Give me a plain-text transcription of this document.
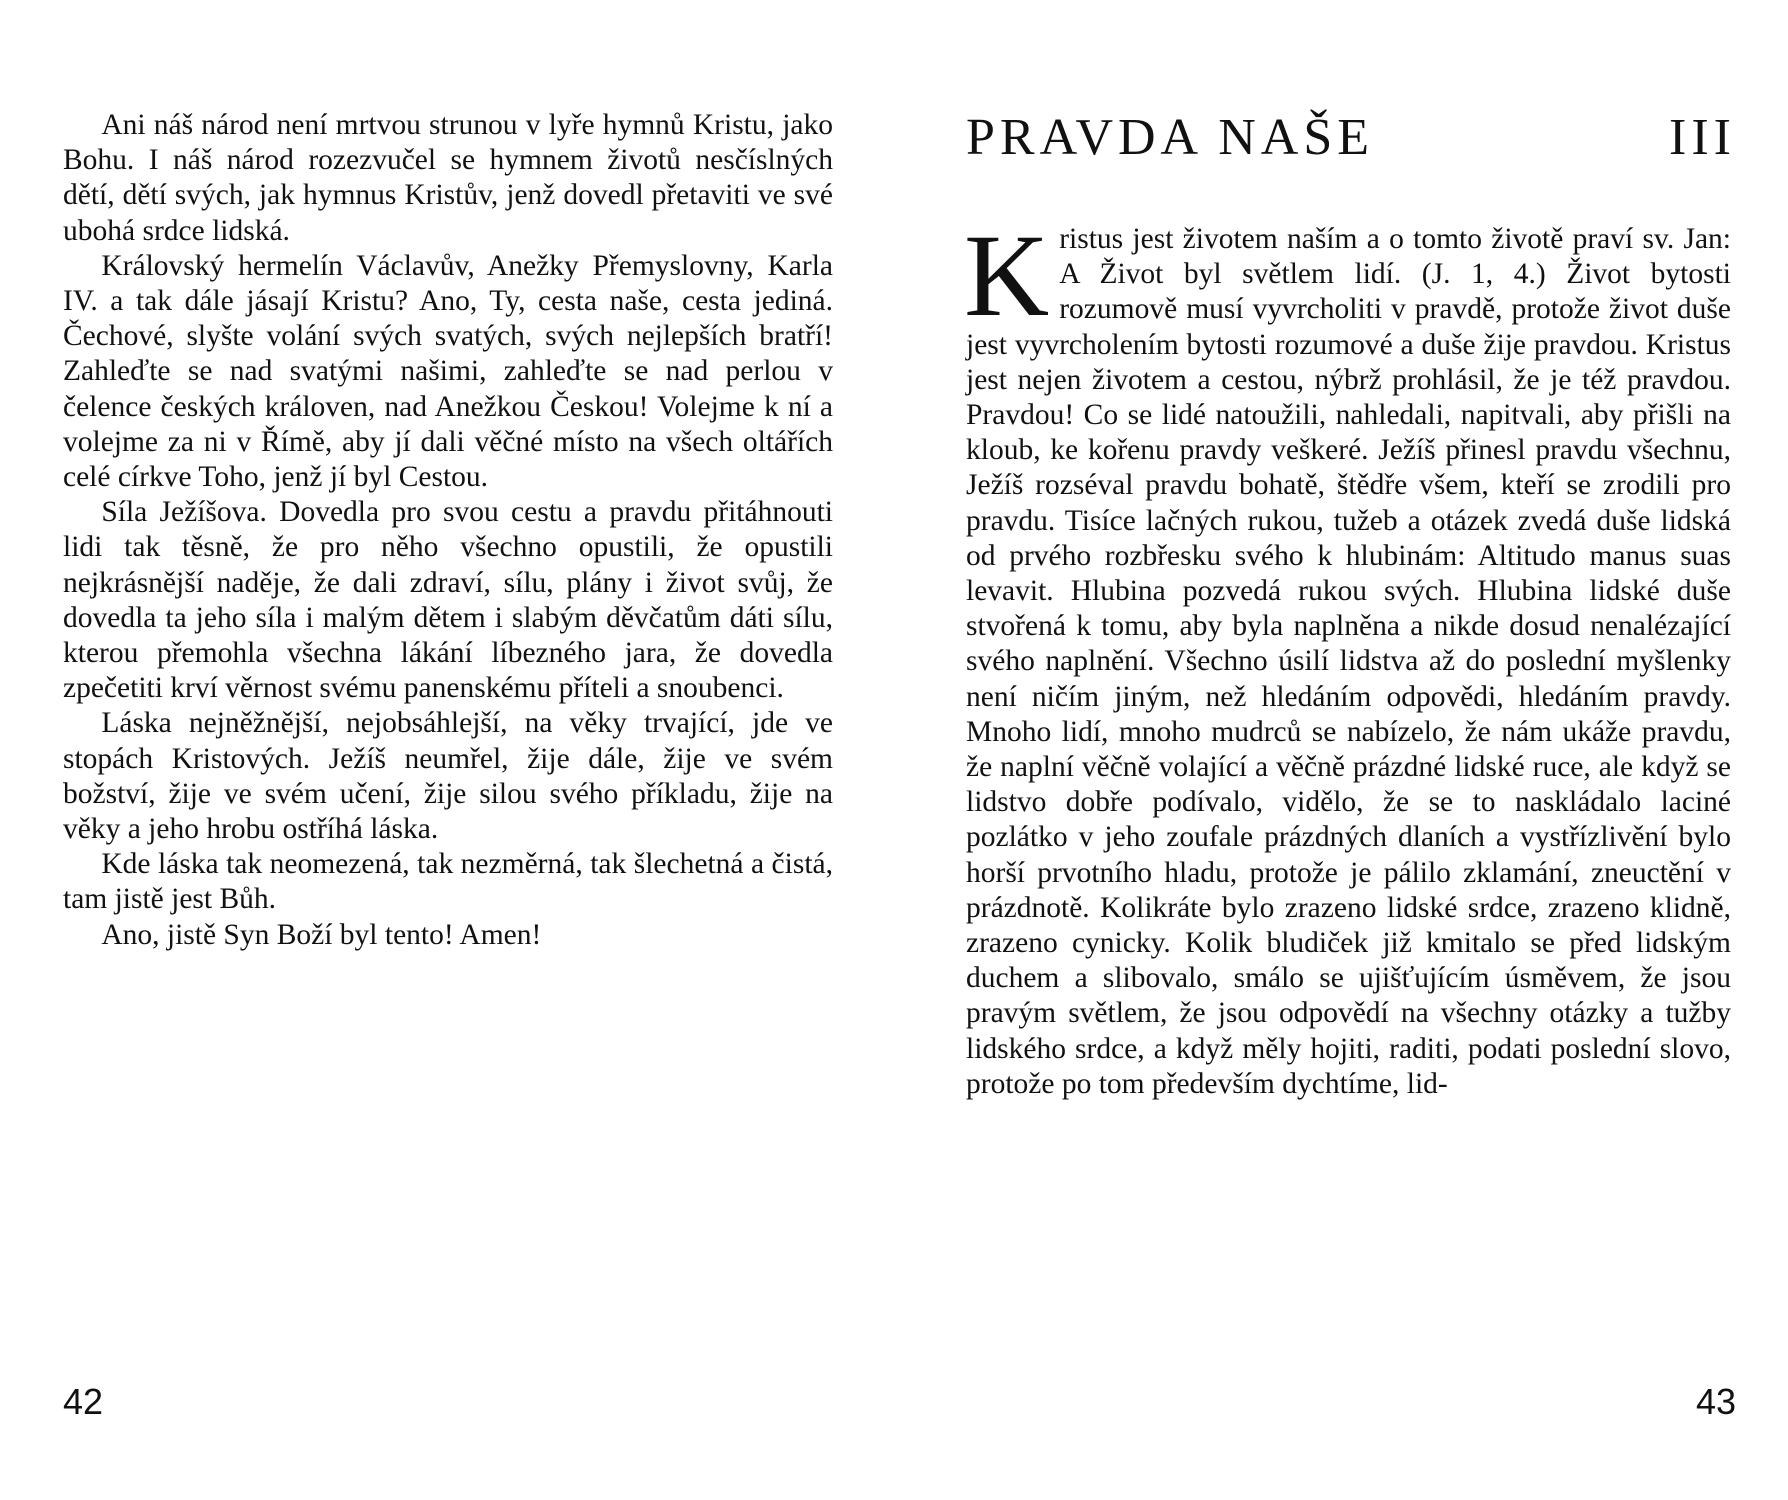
Ani náš národ není mrtvou strunou v lyře hymnů Kristu, jako Bohu. I náš národ rozezvučel se hymnem životů nesčíslných dětí, dětí svých, jak hymnus Kristův, jenž dovedl přetaviti ve své ubohá srdce lidská.

Královský hermelín Václavův, Anežky Přemyslovny, Karla IV. a tak dále jásají Kristu? Ano, Ty, cesta naše, cesta jediná. Čechové, slyšte volání svých svatých, svých nejlepších bratří! Zahleďte se nad svatými našimi, zahleďte se nad perlou v čelence českých královen, nad Anežkou Českou! Volejme k ní a volejme za ni v Římě, aby jí dali věčné místo na všech oltářích celé církve Toho, jenž jí byl Cestou.

Síla Ježíšova. Dovedla pro svou cestu a pravdu přitáhnouti lidi tak těsně, že pro něho všechno opustili, že opustili nejkrásnější naděje, že dali zdraví, sílu, plány i život svůj, že dovedla ta jeho síla i malým dětem i slabým děvčatům dáti sílu, kterou přemohla všechna lákání líbezného jara, že dovedla zpečetiti krví věrnost svému panenskému příteli a snoubenci.

Láska nejněžnější, nejobsáhlejší, na věky trvající, jde ve stopách Kristových. Ježíš neumřel, žije dále, žije ve svém božství, žije ve svém učení, žije silou svého příkladu, žije na věky a jeho hrobu ostříhá láska.

Kde láska tak neomezená, tak nezměrná, tak šlechetná a čistá, tam jistě jest Bůh.

Ano, jistě Syn Boží byl tento! Amen!

42
PRAVDA NAŠE	III
K ristus jest životem naším a o tomto životě praví sv. Jan: A Život byl světlem lidí. (J. 1, 4.) Život bytosti rozumově musí vyvrcholiti v pravdě, protože život duše jest vyvrcholením bytosti rozumové a duše žije pravdou. Kristus jest nejen životem a cestou, nýbrž prohlásil, že je též pravdou. Pravdou! Co se lidé natoužili, nahledali, napitvali, aby přišli na kloub, ke kořenu pravdy veškeré. Ježíš přinesl pravdu všechnu, Ježíš rozséval pravdu bohatě, štědře všem, kteří se zrodili pro pravdu. Tisíce lačných rukou, tužeb a otázek zvedá duše lidská od prvého rozbřesku svého k hlubinám: Altitudo manus suas levavit. Hlubina pozvedá rukou svých. Hlubina lidské duše stvořená k tomu, aby byla naplněna a nikde dosud nenalézající svého naplnění. Všechno úsilí lidstva až do poslední myšlenky není ničím jiným, než hledáním odpovědi, hledáním pravdy. Mnoho lidí, mnoho mudrců se nabízelo, že nám ukáže pravdu, že naplní věčně volající a věčně prázdné lidské ruce, ale když se lidstvo dobře podívalo, vidělo, že se to naskládalo laciné pozlátko v jeho zoufale prázdných dlaních a vystřízlivění bylo horší prvotního hladu, protože je pálilo zklamání, zneuctění v prázdnotě. Kolikráte bylo zrazeno lidské srdce, zrazeno klidně, zrazeno cynicky. Kolik bludiček již kmitalo se před lidským duchem a slibovalo, smálo se ujišťujícím úsměvem, že jsou pravým světlem, že jsou odpovědí na všechny otázky a tužby lidského srdce, a když měly hojiti, raditi, podati poslední slovo, protože po tom především dychtíme, lid-

43
